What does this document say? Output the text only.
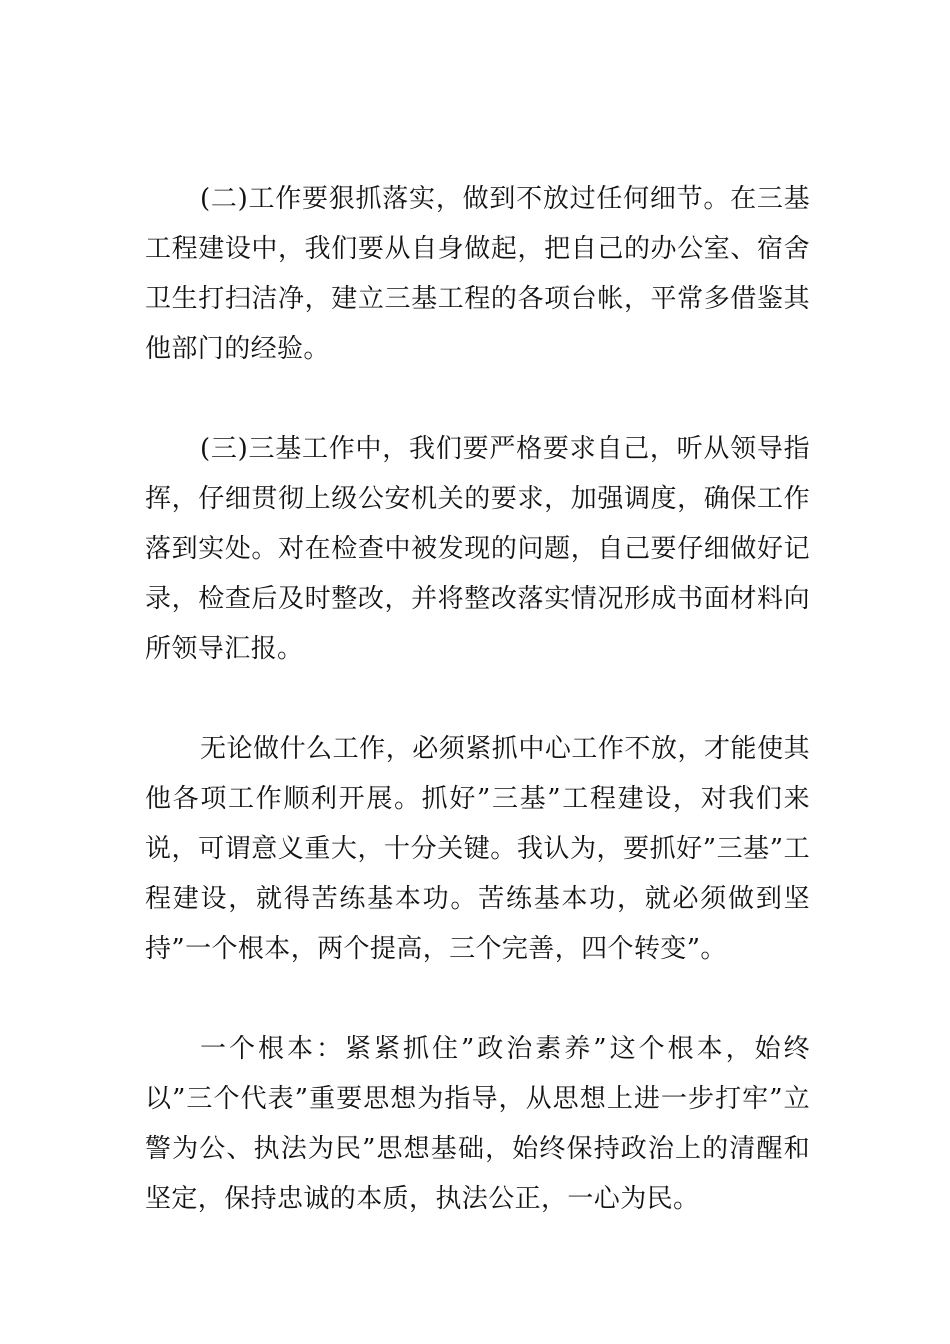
(二)工作要狠抓落实，做到不放过任何细节。在三基工程建设中，我们要从自身做起，把自己的办公室、宿舍卫生打扫洁净，建立三基工程的各项台帐，平常多借鉴其他部门的经验。

(三)三基工作中，我们要严格要求自己，听从领导指挥，仔细贯彻上级公安机关的要求，加强调度，确保工作落到实处。对在检查中被发现的问题，自己要仔细做好记录，检查后及时整改，并将整改落实情况形成书面材料向所领导汇报。

无论做什么工作，必须紧抓中心工作不放，才能使其他各项工作顺利开展。抓好”三基”工程建设，对我们来说，可谓意义重大，十分关键。我认为，要抓好”三基”工程建设，就得苦练基本功。苦练基本功，就必须做到坚持”一个根本，两个提高，三个完善，四个转变”。

一个根本：紧紧抓住”政治素养”这个根本，始终以”三个代表”重要思想为指导，从思想上进一步打牢”立警为公、执法为民”思想基础，始终保持政治上的清醒和坚定，保持忠诚的本质，执法公正，一心为民。
